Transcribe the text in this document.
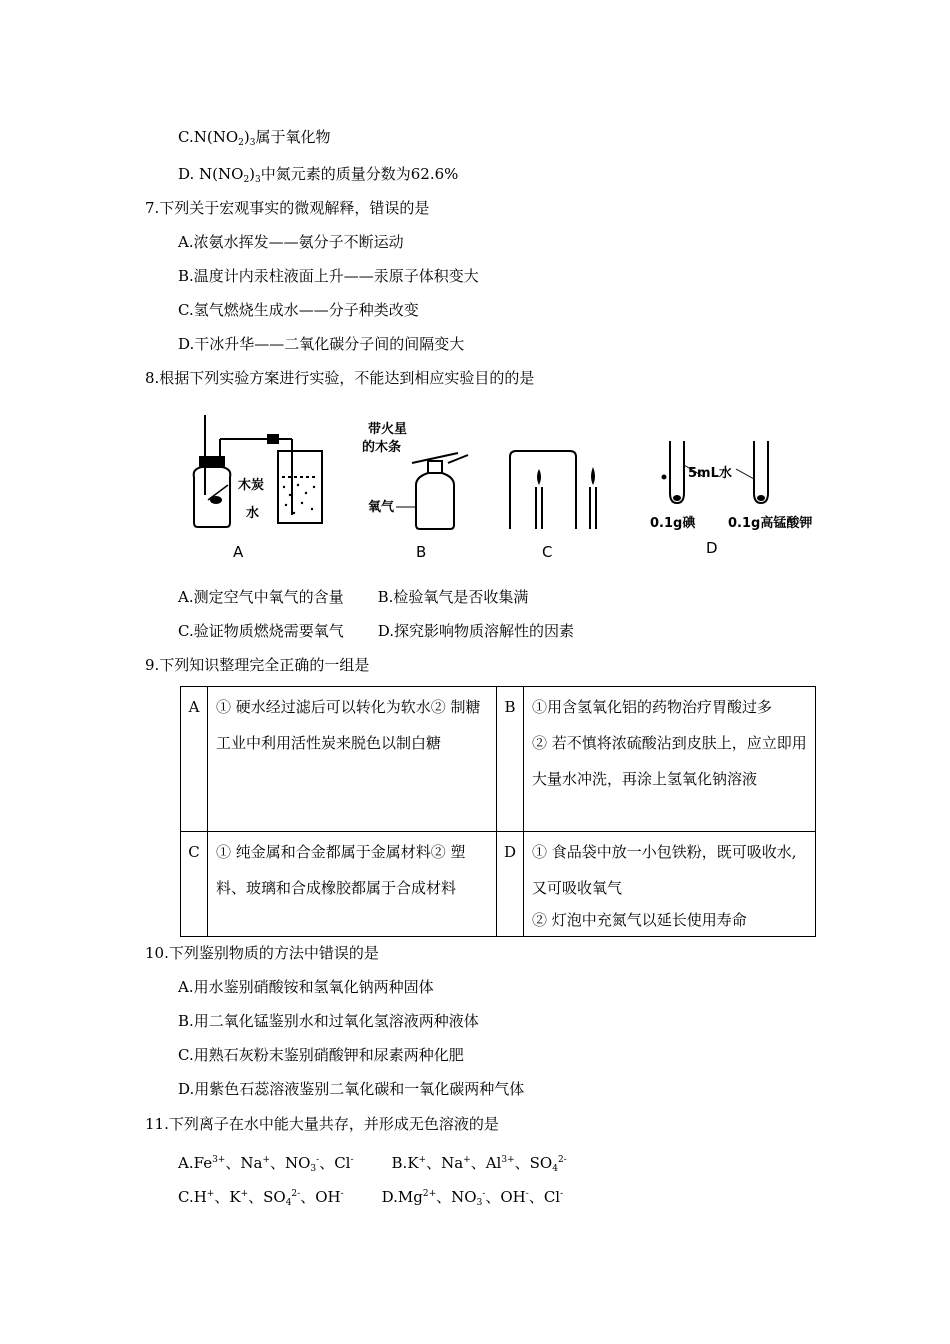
$C.N(NO_2)_3$属于氧化物
D. $N(NO_2)_3$中氮元素的质量分数为62.6%
7.下列关于宏观事实的微观解释，错误的是
A.浓氨水挥发——氨分子不断运动
B.温度计内汞柱液面上升——汞原子体积变大
C.氢气燃烧生成水——分子种类改变
D.干冰升华——二氧化碳分子间的间隔变大
8.根据下列实验方案进行实验，不能达到相应实验目的的是
木炭
水
A
带火星
的木条
氧气
B	C
5mL水
0.1g碘	0.1g高锰酸钾
D
A.测定空气中氧气的含量 B.检验氧气是否收集满
C.验证物质燃烧需要氧气 D.探究影响物质溶解性的因素
9.下列知识整理完全正确的一组是
A	① 硬水经过滤后可以转化为软水② 制糖工业中利用活性炭来脱色以制白糖	B	①用含氢氧化铝的药物治疗胃酸过多
② 若不慎将浓硫酸沾到皮肤上，应立即用大量水冲洗，再涂上氢氧化钠溶液

C	① 纯金属和合金都属于金属材料② 塑料、玻璃和合成橡胶都属于合成材料	D	① 食品袋中放一小包铁粉，既可吸收水,又可吸收氧气
② 灯泡中充氮气以延长使用寿命
10.下列鉴别物质的方法中错误的是
A.用水鉴别硝酸铵和氢氧化钠两种固体
B.用二氧化锰鉴别水和过氧化氢溶液两种液体
C.用熟石灰粉末鉴别硝酸钾和尿素两种化肥
D.用紫色石蕊溶液鉴别二氧化碳和一氧化碳两种气体
11.下列离子在水中能大量共存，并形成无色溶液的是
$A.Fe^{3+}$、Na+、$NO_3^-$、Cl-	B.K+、Na+、$Al^{3+}$、$SO_4^{2-}$
C.H+、K+、$SO_4^{2-}$、OH-	$D.Mg^{2+}$、$NO_3^-$、OH-、Cl-
